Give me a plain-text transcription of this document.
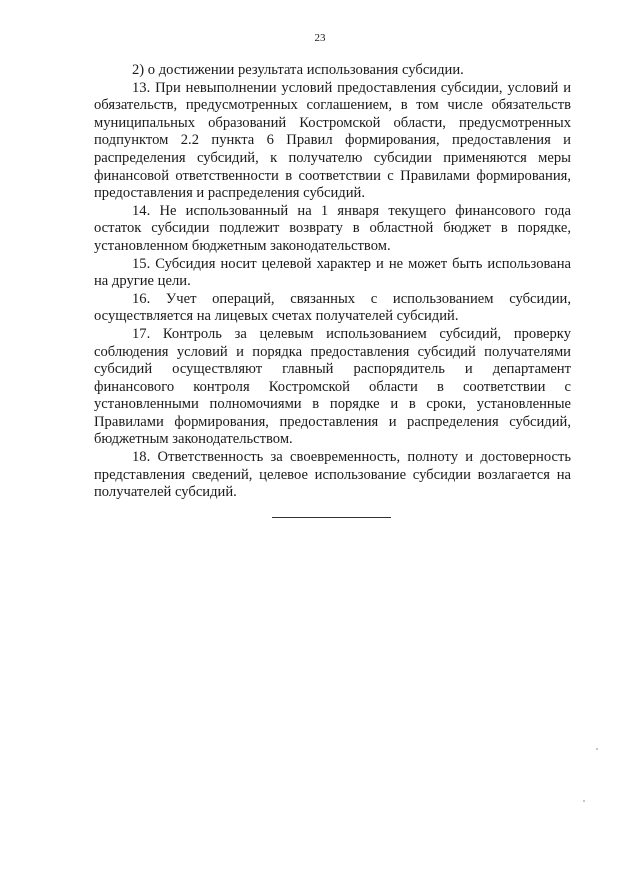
23

2) о достижении результата использования субсидии.

13. При невыполнении условий предоставления субсидии, условий и обязательств, предусмотренных соглашением, в том числе обязательств муниципальных образований Костромской области, предусмотренных подпунктом 2.2 пункта 6 Правил формирования, предоставления и распределения субсидий, к получателю субсидии применяются меры финансовой ответственности в соответствии с Правилами формирования, предоставления и распределения субсидий.

14. Не использованный на 1 января текущего финансового года остаток субсидии подлежит возврату в областной бюджет в порядке, установленном бюджетным законодательством.

15. Субсидия носит целевой характер и не может быть использована на другие цели.

16. Учет операций, связанных с использованием субсидии, осуществляется на лицевых счетах получателей субсидий.

17. Контроль за целевым использованием субсидий, проверку соблюдения условий и порядка предоставления субсидий получателями субсидий осуществляют главный распорядитель и департамент финансового контроля Костромской области в соответствии с установленными полномочиями в порядке и в сроки, установленные Правилами формирования, предоставления и распределения субсидий, бюджетным законодательством.

18. Ответственность за своевременность, полноту и достоверность представления сведений, целевое использование субсидии возлагается на получателей субсидий.
